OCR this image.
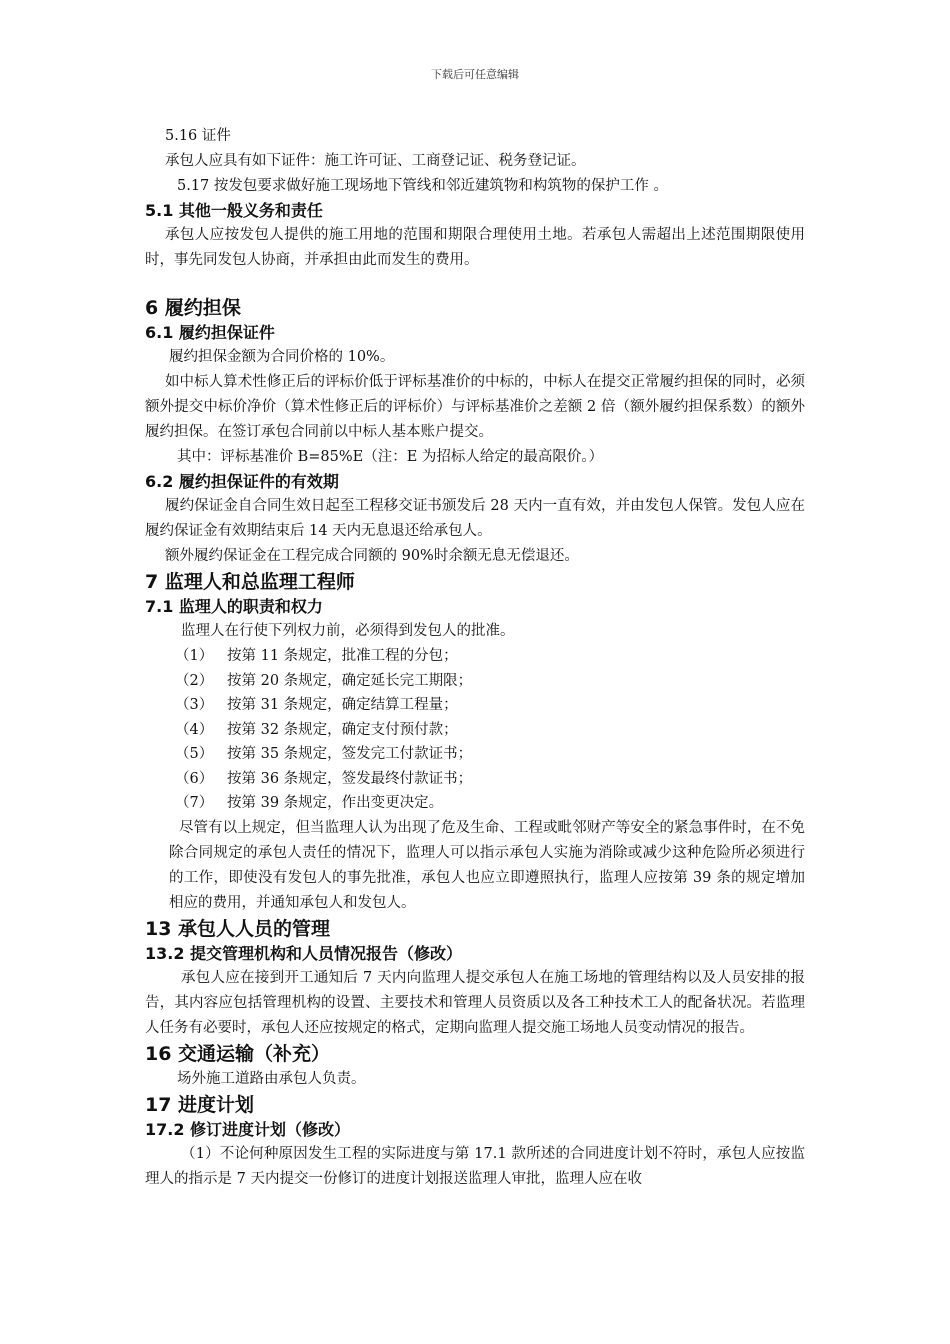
下载后可任意编辑
5.16 证件
承包人应具有如下证件：施工许可证、工商登记证、税务登记证。
5.17 按发包要求做好施工现场地下管线和邻近建筑物和构筑物的保护工作 。
5.1 其他一般义务和责任
承包人应按发包人提供的施工用地的范围和期限合理使用土地。若承包人需超出上述范围期限使用时，事先同发包人协商，并承担由此而发生的费用。
6 履约担保
6.1 履约担保证件
履约担保金额为合同价格的 10%。
如中标人算术性修正后的评标价低于评标基准价的中标的，中标人在提交正常履约担保的同时，必须额外提交中标价净价（算术性修正后的评标价）与评标基准价之差额 2 倍（额外履约担保系数）的额外履约担保。在签订承包合同前以中标人基本账户提交。
其中：评标基准价 B=85%E（注：E 为招标人给定的最高限价。）
6.2 履约担保证件的有效期
履约保证金自合同生效日起至工程移交证书颁发后 28 天内一直有效，并由发包人保管。发包人应在履约保证金有效期结束后 14 天内无息退还给承包人。
额外履约保证金在工程完成合同额的 90%时余额无息无偿退还。
7 监理人和总监理工程师
7.1 监理人的职责和权力
监理人在行使下列权力前，必须得到发包人的批准。
（1） 按第 11 条规定，批准工程的分包；
（2） 按第 20 条规定，确定延长完工期限；
（3） 按第 31 条规定，确定结算工程量；
（4） 按第 32 条规定，确定支付预付款；
（5） 按第 35 条规定，签发完工付款证书；
（6） 按第 36 条规定，签发最终付款证书；
（7） 按第 39 条规定，作出变更决定。
尽管有以上规定，但当监理人认为出现了危及生命、工程或毗邻财产等安全的紧急事件时，在不免除合同规定的承包人责任的情况下，监理人可以指示承包人实施为消除或减少这种危险所必须进行的工作，即使没有发包人的事先批准，承包人也应立即遵照执行，监理人应按第 39 条的规定增加相应的费用，并通知承包人和发包人。
13 承包人人员的管理
13.2 提交管理机构和人员情况报告（修改）
承包人应在接到开工通知后 7 天内向监理人提交承包人在施工场地的管理结构以及人员安排的报告，其内容应包括管理机构的设置、主要技术和管理人员资质以及各工种技术工人的配备状况。若监理人任务有必要时，承包人还应按规定的格式，定期向监理人提交施工场地人员变动情况的报告。
16 交通运输（补充）
场外施工道路由承包人负责。
17 进度计划
17.2 修订进度计划（修改）
（1）不论何种原因发生工程的实际进度与第 17.1 款所述的合同进度计划不符时，承包人应按监理人的指示是 7 天内提交一份修订的进度计划报送监理人审批，监理人应在收
